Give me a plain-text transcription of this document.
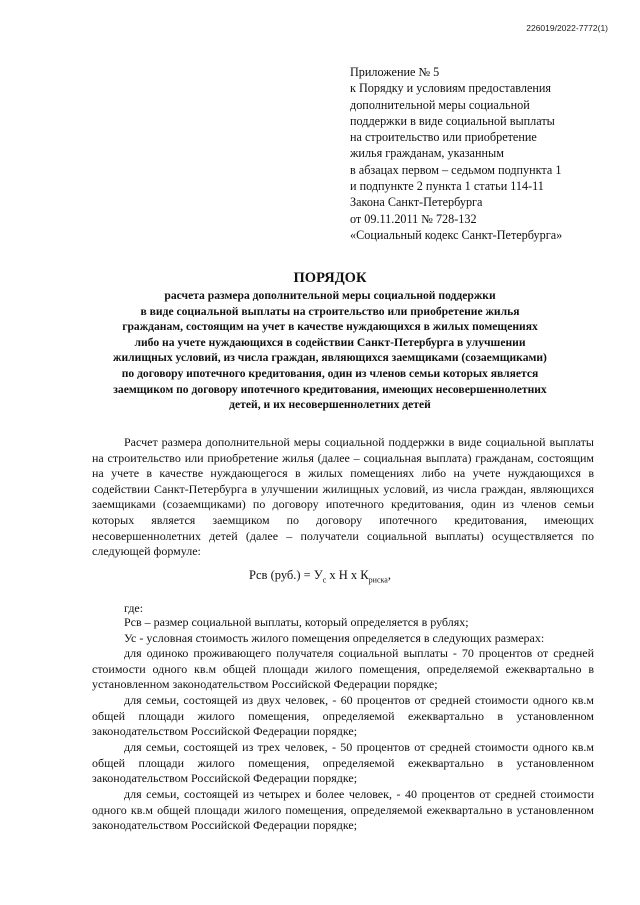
226019/2022-7772(1)
Приложение № 5
к Порядку и условиям предоставления
дополнительной меры социальной
поддержки в виде социальной выплаты
на строительство или приобретение
жилья гражданам, указанным
в абзацах первом – седьмом подпункта 1
и подпункте 2 пункта 1 статьи 114-11
Закона Санкт-Петербурга
от 09.11.2011 № 728-132
«Социальный кодекс Санкт-Петербурга»
ПОРЯДОК
расчета размера дополнительной меры социальной поддержки
в виде социальной выплаты на строительство или приобретение жилья
гражданам, состоящим на учет в качестве нуждающихся в жилых помещениях
либо на учете нуждающихся в содействии Санкт-Петербурга в улучшении
жилищных условий, из числа граждан, являющихся заемщиками (созаемщиками)
по договору ипотечного кредитования, один из членов семьи которых является
заемщиком по договору ипотечного кредитования, имеющих несовершеннолетних
детей, и их несовершеннолетних детей
Расчет размера дополнительной меры социальной поддержки в виде социальной выплаты на строительство или приобретение жилья (далее – социальная выплата) гражданам, состоящим на учете в качестве нуждающегося в жилых помещениях либо на учете нуждающихся в содействии Санкт-Петербурга в улучшении жилищных условий, из числа граждан, являющихся заемщиками (созаемщиками) по договору ипотечного кредитования, один из членов семьи которых является заемщиком по договору ипотечного кредитования, имеющих несовершеннолетних детей (далее – получатели социальной выплаты) осуществляется по следующей формуле:
Рсв $(руб.) = У_с$ х Н х $К_{риска}$,
где:
Рсв – размер социальной выплаты, который определяется в рублях;
Ус - условная стоимость жилого помещения определяется в следующих размерах:
для одиноко проживающего получателя социальной выплаты - 70 процентов от средней стоимости одного кв.м общей площади жилого помещения, определяемой ежеквартально в установленном законодательством Российской Федерации порядке;
для семьи, состоящей из двух человек, - 60 процентов от средней стоимости одного кв.м общей площади жилого помещения, определяемой ежеквартально в установленном законодательством Российской Федерации порядке;
для семьи, состоящей из трех человек, - 50 процентов от средней стоимости одного кв.м общей площади жилого помещения, определяемой ежеквартально в установленном законодательством Российской Федерации порядке;
для семьи, состоящей из четырех и более человек, - 40 процентов от средней стоимости одного кв.м общей площади жилого помещения, определяемой ежеквартально в установленном законодательством Российской Федерации порядке;
